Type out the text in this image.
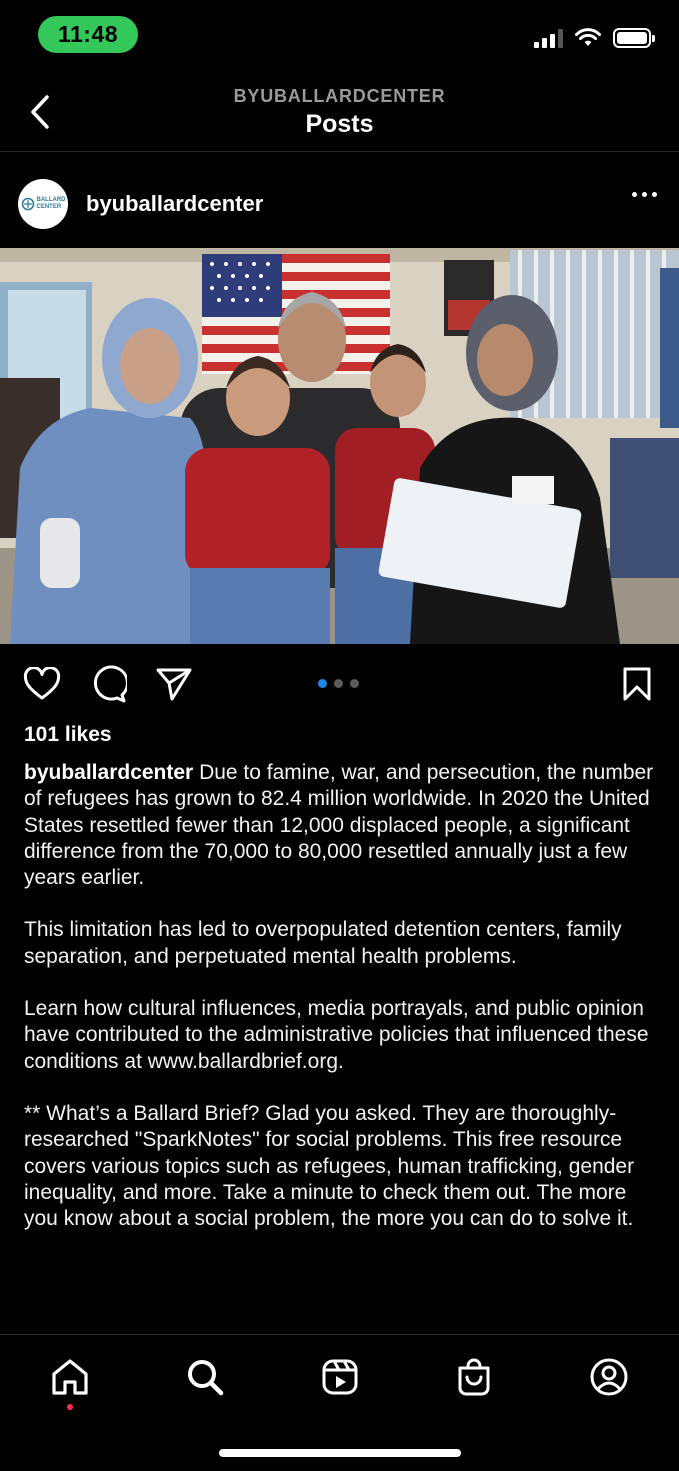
11:48
BYUBALLARDCENTER
Posts
BALLARD
CENTER byuballardcenter
101 likes

byuballardcenter Due to famine, war, and persecution, the number of refugees has grown to 82.4 million worldwide. In 2020 the United States resettled fewer than 12,000 displaced people, a significant difference from the 70,000 to 80,000 resettled annually just a few years earlier.

This limitation has led to overpopulated detention centers, family separation, and perpetuated mental health problems.

Learn how cultural influences, media portrayals, and public opinion have contributed to the administrative policies that influenced these conditions at www.ballardbrief.org.

** What’s a Ballard Brief? Glad you asked. They are thoroughly-researched "SparkNotes" for social problems. This free resource covers various topics such as refugees, human trafficking, gender inequality, and more. Take a minute to check them out. The more you know about a social problem, the more you can do to solve it.
